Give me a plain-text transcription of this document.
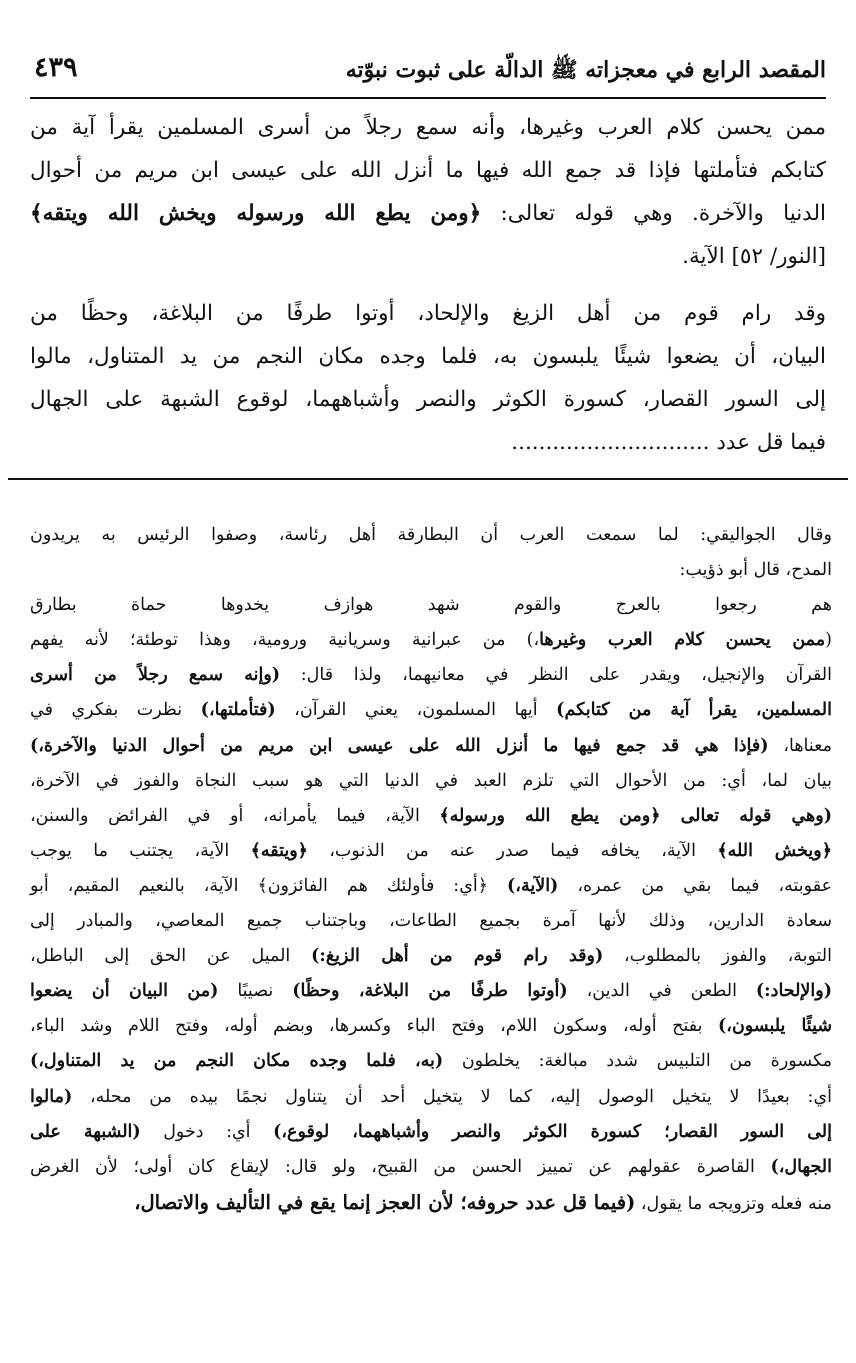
المقصد الرابع في معجزاته ﷺ الدالّة على ثبوت نبوّته
٤٣٩
ممن يحسن كلام العرب وغيرها، وأنه سمع رجلاً من أسرى المسلمين يقرأ آية من
كتابكم فتأملتها فإذا قد جمع الله فيها ما أنزل الله على عيسى ابن مريم من أحوال
الدنيا والآخرة. وهي قوله تعالى: ﴿ومن يطع الله ورسوله ويخش الله ويتقه﴾
[النور/ ٥٢] الآية.
وقد رام قوم من أهل الزيغ والإلحاد، أوتوا طرفًا من البلاغة، وحظًا من
البيان، أن يضعوا شيئًا يلبسون به، فلما وجده مكان النجم من يد المتناول، مالوا
إلى السور القصار، كسورة الكوثر والنصر وأشباههما، لوقوع الشبهة على الجهال
فيما قل عدد .............................
وقال الجواليقي: لما سمعت العرب أن البطارقة أهل رئاسة، وصفوا الرئيس به يريدون
المدح، قال أبو ذؤيب:
هم رجعوا بالعرج والقوم شهد هوازف يخدوها حماة بطارق
(ممن يحسن كلام العرب وغيرها،) من عبرانية وسريانية ورومية، وهذا توطئة؛ لأنه يفهم
القرآن والإنجيل، ويقدر على النظر في معانيهما، ولذا قال: (وإنه سمع رجلاً من أسرى
المسلمين، يقرأ آية من كتابكم) أيها المسلمون، يعني القرآن، (فتأملتها،) نظرت بفكري في
معناها، (فإذا هي قد جمع فيها ما أنزل الله على عيسى ابن مريم من أحوال الدنيا والآخرة،)
بيان لما، أي: من الأحوال التي تلزم العبد في الدنيا التي هو سبب النجاة والفوز في الآخرة،
(وهي قوله تعالى ﴿ومن يطع الله ورسوله﴾ الآية، فيما يأمرانه، أو في الفرائض والسنن،
﴿ويخش الله﴾ الآية، يخافه فيما صدر عنه من الذنوب، ﴿ويتقه﴾ الآية، يجتنب ما يوجب
عقوبته، فيما بقي من عمره، (الآية،) ﴿أي: فأولئك هم الفائزون﴾ الآية، بالنعيم المقيم، أبو
سعادة الدارين، وذلك لأنها آمرة بجميع الطاعات، وباجتناب جميع المعاصي، والمبادر إلى
التوبة، والفوز بالمطلوب، (وقد رام قوم من أهل الزيغ:) الميل عن الحق إلى الباطل،
(والإلحاد:) الطعن في الدين، (أوتوا طرفًا من البلاغة، وحظًا) نصيبًا (من البيان أن يضعوا
شيئًا يلبسون،) بفتح أوله، وسكون اللام، وفتح الباء وكسرها، وبضم أوله، وفتح اللام وشد الباء،
مكسورة من التلبيس شدد مبالغة: يخلطون (به، فلما وجده مكان النجم من يد المتناول،)
أي: بعيدًا لا يتخيل الوصول إليه، كما لا يتخيل أحد أن يتناول نجمًا بيده من محله، (مالوا
إلى السور القصار؛ كسورة الكوثر والنصر وأشباههما، لوقوع،) أي: دخول (الشبهة على
الجهال،) القاصرة عقولهم عن تمييز الحسن من القبيح، ولو قال: لإيقاع كان أولى؛ لأن الغرض
منه فعله وتزويجه ما يقول، (فيما قل عدد حروفه؛ لأن العجز إنما يقع في التأليف والاتصال،
